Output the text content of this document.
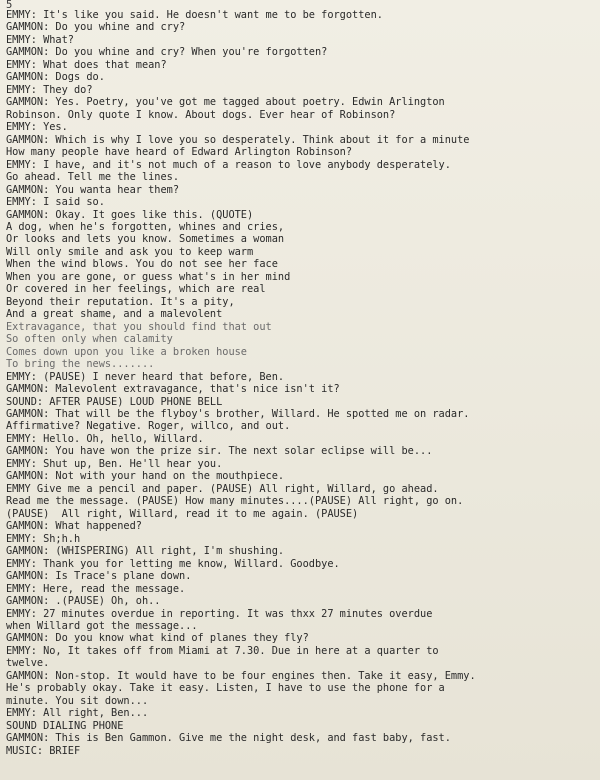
5
EMMY: It's like you said. He doesn't want me to be forgotten.
GAMMON: Do you whine and cry?
EMMY: What?
GAMMON: Do you whine and cry? When you're forgotten?
EMMY: What does that mean?
GAMMON: Dogs do.
EMMY: They do?
GAMMON: Yes. Poetry, you've got me tagged about poetry. Edwin Arlington
Robinson. Only quote I know. About dogs. Ever hear of Robinson?
EMMY: Yes.
GAMMON: Which is why I love you so desperately. Think about it for a minute
How many people have heard of Edward Arlington Robinson?
EMMY: I have, and it's not much of a reason to love anybody desperately.
Go ahead. Tell me the lines.
GAMMON: You wanta hear them?
EMMY: I said so.
GAMMON: Okay. It goes like this. (QUOTE)
A dog, when he's forgotten, whines and cries,
Or looks and lets you know. Sometimes a woman
Will only smile and ask you to keep warm
When the wind blows. You do not see her face
When you are gone, or guess what's in her mind
Or covered in her feelings, which are real
Beyond their reputation. It's a pity,
And a great shame, and a malevolent
Extravagance, that you should find that out
So often only when calamity
Comes down upon you like a broken house
To bring the news.......
EMMY: (PAUSE) I never heard that before, Ben.
GAMMON: Malevolent extravagance, that's nice isn't it?
SOUND: AFTER PAUSE) LOUD PHONE BELL
GAMMON: That will be the flyboy's brother, Willard. He spotted me on radar.
Affirmative? Negative. Roger, willco, and out.
EMMY: Hello. Oh, hello, Willard.
GAMMON: You have won the prize sir. The next solar eclipse will be...
EMMY: Shut up, Ben. He'll hear you.
GAMMON: Not with your hand on the mouthpiece.
EMMY Give me a pencil and paper. (PAUSE) All right, Willard, go ahead.
Read me the message. (PAUSE) How many minutes....(PAUSE) All right, go on.
(PAUSE)  All right, Willard, read it to me again. (PAUSE)
GAMMON: What happened?
EMMY: Sh;h.h
GAMMON: (WHISPERING) All right, I'm shushing.
EMMY: Thank you for letting me know, Willard. Goodbye.
GAMMON: Is Trace's plane down.
EMMY: Here, read the message.
GAMMON: .(PAUSE) Oh, oh..
EMMY: 27 minutes overdue in reporting. It was thxx 27 minutes overdue
when Willard got the message...
GAMMON: Do you know what kind of planes they fly?
EMMY: No, It takes off from Miami at 7.30. Due in here at a quarter to
twelve.
GAMMON: Non-stop. It would have to be four engines then. Take it easy, Emmy.
He's probably okay. Take it easy. Listen, I have to use the phone for a
minute. You sit down...
EMMY: All right, Ben...
SOUND DIALING PHONE
GAMMON: This is Ben Gammon. Give me the night desk, and fast baby, fast.
MUSIC: BRIEF
